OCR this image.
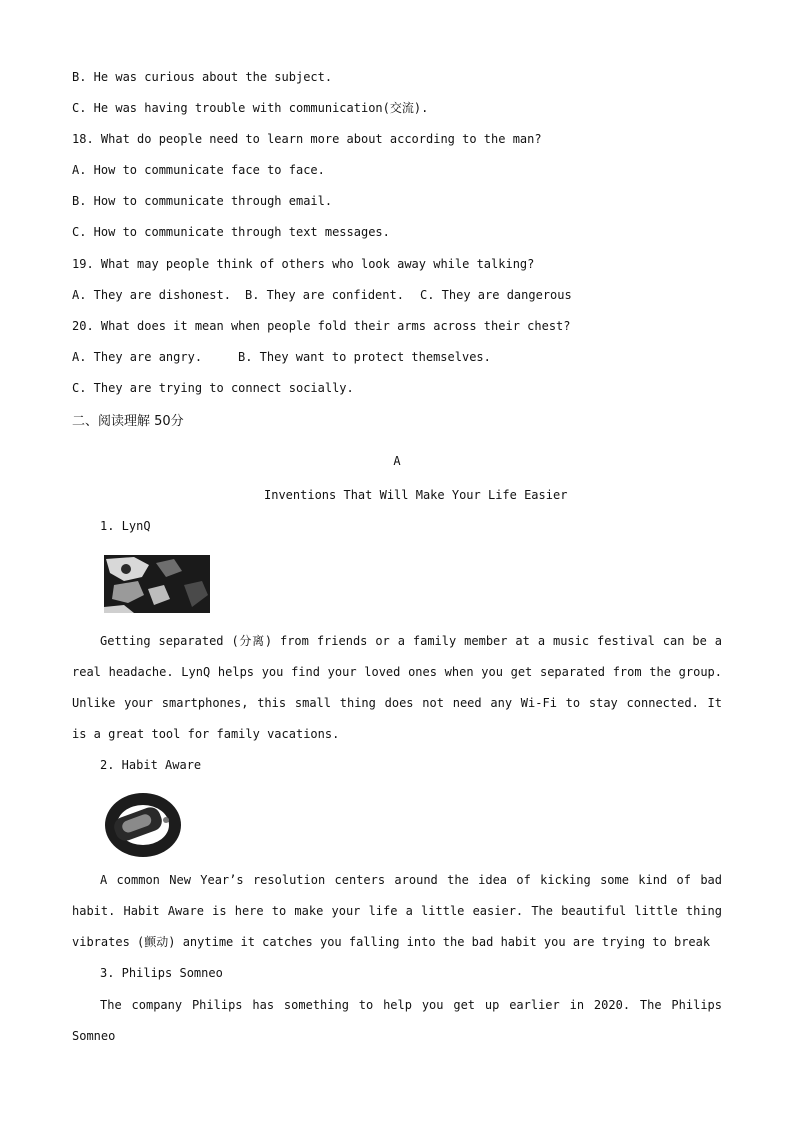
B. He was curious about the subject.
C. He was having trouble with communication(交流).
18. What do people need to learn more about according to the man?
A. How to communicate face to face.
B. How to communicate through email.
C. How to communicate through text messages.
19. What may people think of others who look away while talking?
A. They are dishonest. B. They are confident. C. They are dangerous
20. What does it mean when people fold their arms across their chest?
A. They are angry.	B. They want to protect themselves.
C. They are trying to connect socially.
二、阅读理解 50分
A
Inventions That Will Make Your Life Easier
1. LynQ
Getting separated (分离) from friends or a family member at a music festival can be a real headache. LynQ helps you find your loved ones when you get separated from the group. Unlike your smartphones, this small thing does not need any Wi-Fi to stay connected. It is a great tool for family vacations.
2. Habit Aware
A common New Year’s resolution centers around the idea of kicking some kind of bad habit. Habit Aware is here to make your life a little easier. The beautiful little thing vibrates (颤动) anytime it catches you falling into the bad habit you are trying to break
3. Philips Somneo
The company Philips has something to help you get up earlier in 2020. The Philips Somneo
